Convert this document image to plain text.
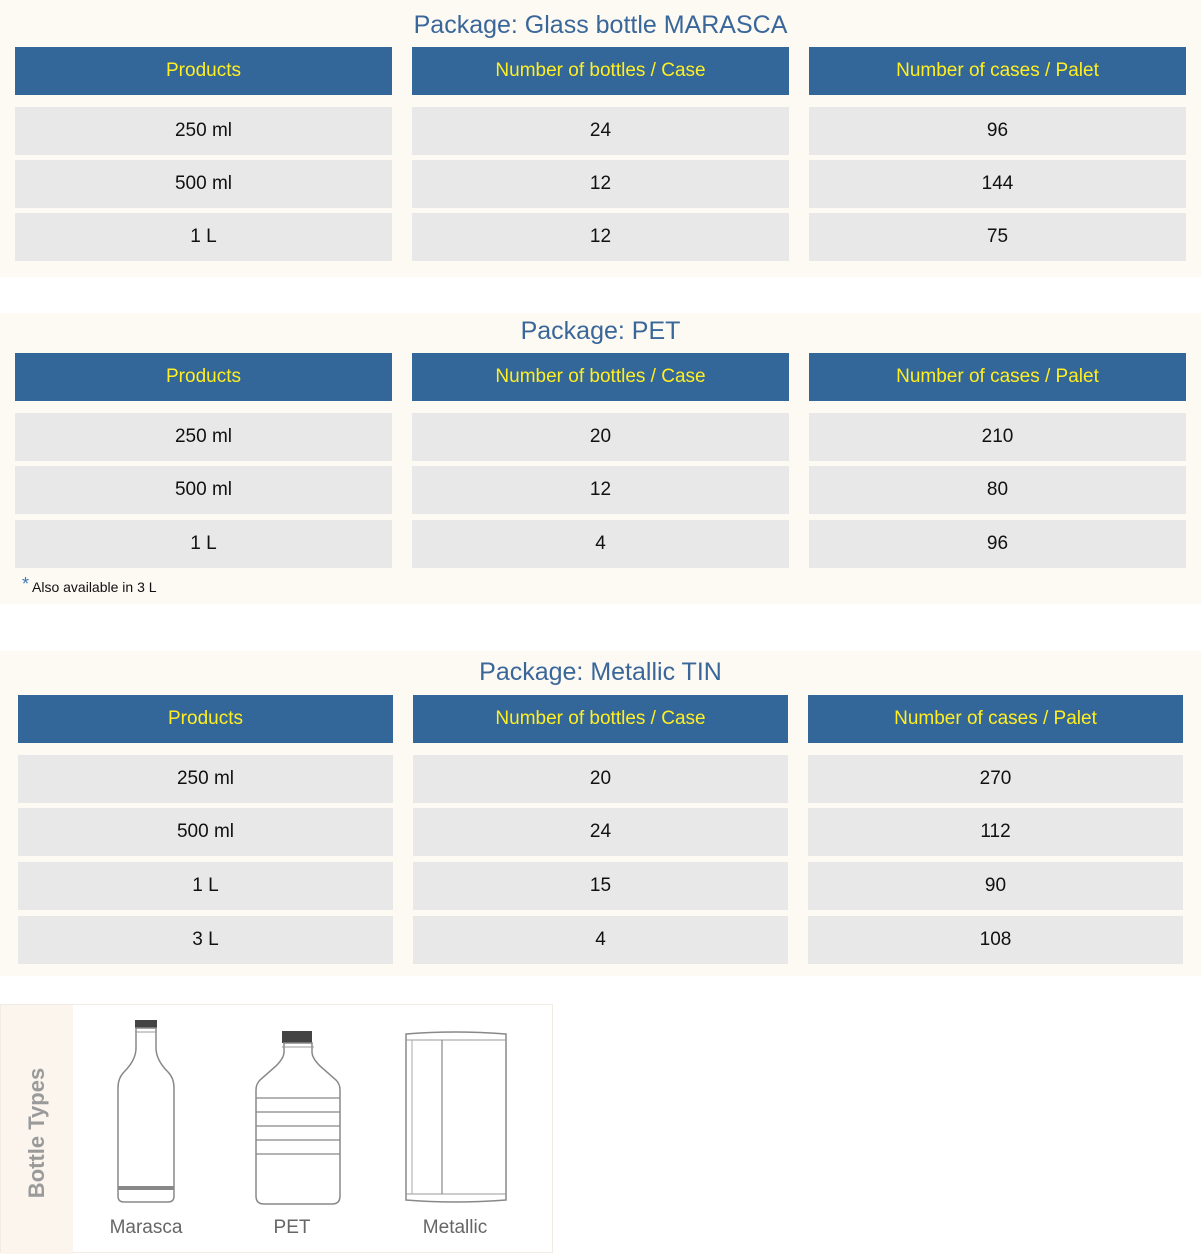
Package: Glass bottle MARASCA
Products	Number of bottles / Case	Number of cases / Palet
250 ml	24	96
500 ml	12	144
1 L	12	75
Package: PET
Products	Number of bottles / Case	Number of cases / Palet
250 ml	20	210
500 ml	12	80
1 L	4	96
* Also available in 3 L
Package: Metallic TIN
Products	Number of bottles / Case	Number of cases / Palet
250 ml	20	270
500 ml	24	112
1 L	15	90
3 L	4	108
Bottle Types
Marasca	PET	Metallic
